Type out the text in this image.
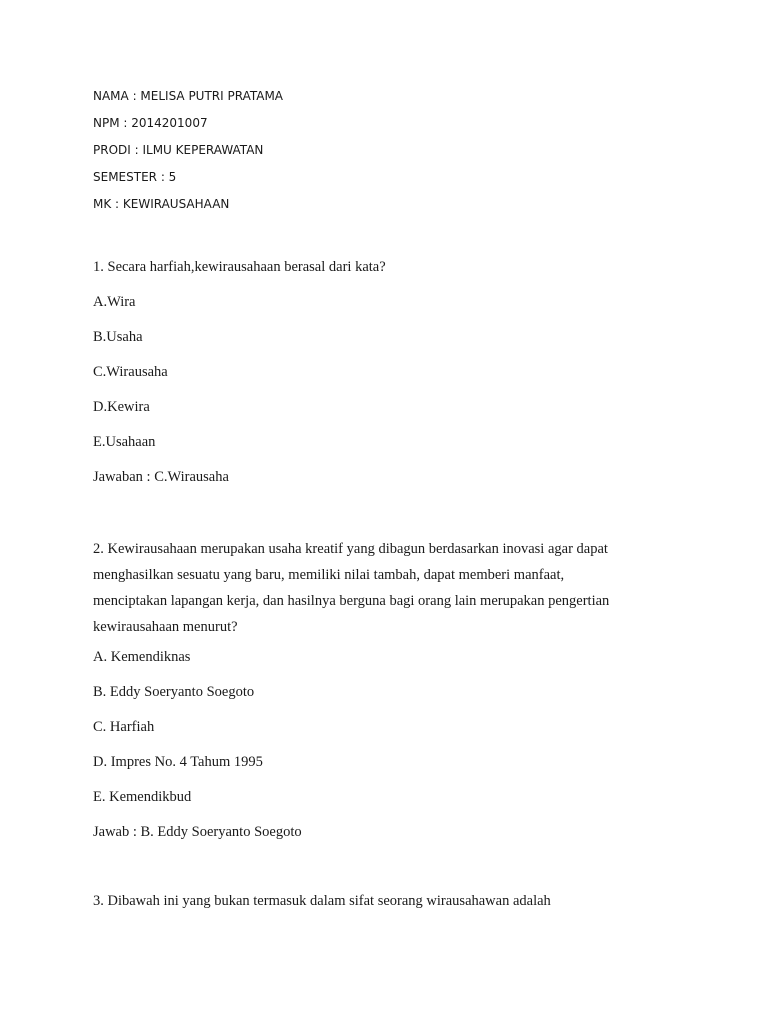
NAMA : MELISA PUTRI PRATAMA
NPM : 2014201007
PRODI : ILMU KEPERAWATAN
SEMESTER : 5
MK : KEWIRAUSAHAAN
1. Secara harfiah,kewirausahaan berasal dari kata?
A.Wira
B.Usaha
C.Wirausaha
D.Kewira
E.Usahaan
Jawaban : C.Wirausaha
2. Kewirausahaan merupakan usaha kreatif yang dibagun berdasarkan inovasi agar dapat
menghasilkan sesuatu yang baru, memiliki nilai tambah, dapat memberi manfaat,
menciptakan lapangan kerja, dan hasilnya berguna bagi orang lain merupakan pengertian
kewirausahaan menurut?
A. Kemendiknas
B. Eddy Soeryanto Soegoto
C. Harfiah
D. Impres No. 4 Tahum 1995
E. Kemendikbud
Jawab : B. Eddy Soeryanto Soegoto
3. Dibawah ini yang bukan termasuk dalam sifat seorang wirausahawan adalah
